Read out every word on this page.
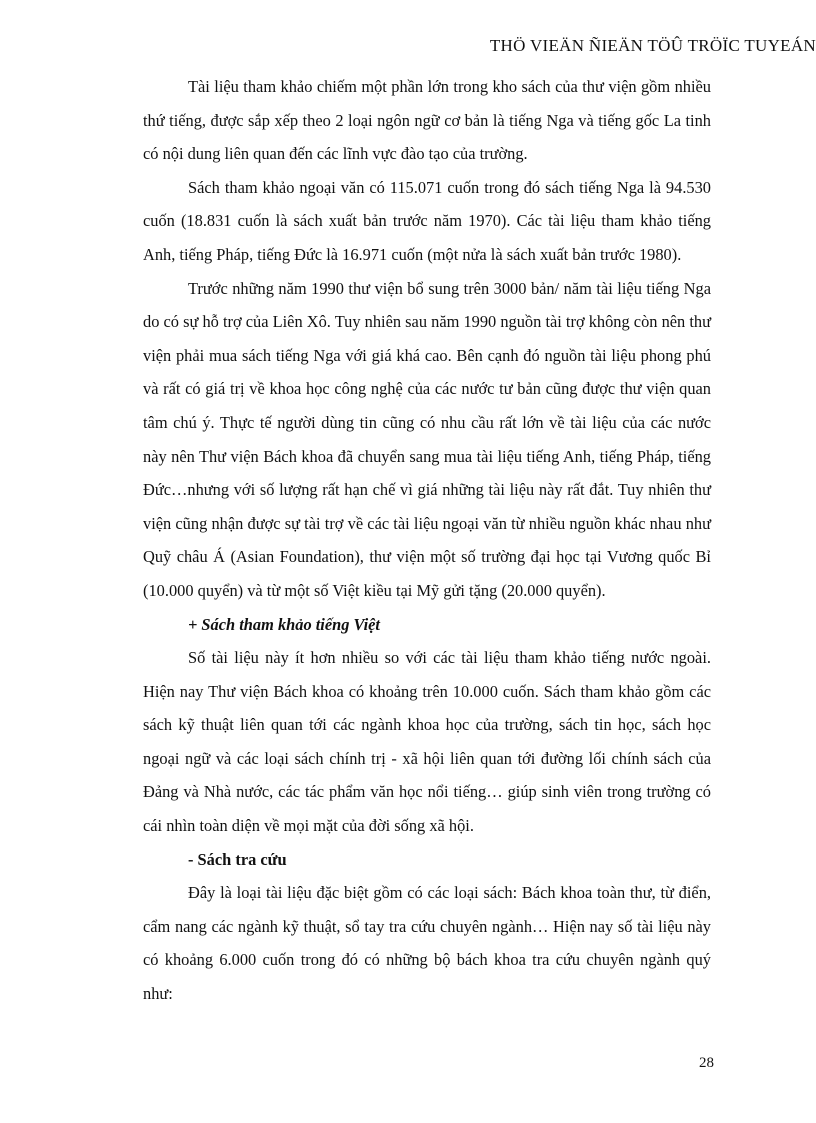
THÖ VIEÄN ÑIEÄN TÖÛ TRÖÏC TUYEÁN

Tài liệu tham khảo chiếm một phần lớn trong kho sách của thư viện gồm nhiều thứ tiếng, được sắp xếp theo 2 loại ngôn ngữ cơ bản là tiếng Nga và tiếng gốc La tinh có nội dung liên quan đến các lĩnh vực đào tạo của trường.

Sách tham khảo ngoại văn có 115.071 cuốn trong đó sách tiếng Nga là 94.530 cuốn (18.831 cuốn là sách xuất bản trước năm 1970). Các tài liệu tham khảo tiếng Anh, tiếng Pháp, tiếng Đức là 16.971 cuốn (một nửa là sách xuất bản trước 1980).

Trước những năm 1990 thư viện bổ sung trên 3000 bản/ năm tài liệu tiếng Nga do có sự hỗ trợ của Liên Xô. Tuy nhiên sau năm 1990 nguồn tài trợ không còn nên thư viện phải mua sách tiếng Nga với giá khá cao. Bên cạnh đó nguồn tài liệu phong phú và rất có giá trị về khoa học công nghệ của các nước tư bản cũng được thư viện quan tâm chú ý. Thực tế người dùng tin cũng có nhu cầu rất lớn về tài liệu của các nước này nên Thư viện Bách khoa đã chuyển sang mua tài liệu tiếng Anh, tiếng Pháp, tiếng Đức…nhưng với số lượng rất hạn chế vì giá những tài liệu này rất đắt. Tuy nhiên thư viện cũng nhận được sự tài trợ về các tài liệu ngoại văn từ nhiều nguồn khác nhau như Quỹ châu Á (Asian Foundation), thư viện một số trường đại học tại Vương quốc Bỉ (10.000 quyển) và từ một số Việt kiều tại Mỹ gửi tặng (20.000 quyển).

+ Sách tham khảo tiếng Việt

Số tài liệu này ít hơn nhiều so với các tài liệu tham khảo tiếng nước ngoài. Hiện nay Thư viện Bách khoa có khoảng trên 10.000 cuốn. Sách tham khảo gồm các sách kỹ thuật liên quan tới các ngành khoa học của trường, sách tin học, sách học ngoại ngữ và các loại sách chính trị - xã hội liên quan tới đường lối chính sách của Đảng và Nhà nước, các tác phẩm văn học nổi tiếng… giúp sinh viên trong trường có cái nhìn toàn diện về mọi mặt của đời sống xã hội.

- Sách tra cứu

Đây là loại tài liệu đặc biệt gồm có các loại sách: Bách khoa toàn thư, từ điển, cẩm nang các ngành kỹ thuật, sổ tay tra cứu chuyên ngành… Hiện nay số tài liệu này có khoảng 6.000 cuốn trong đó có những bộ bách khoa tra cứu chuyên ngành quý như:

28
